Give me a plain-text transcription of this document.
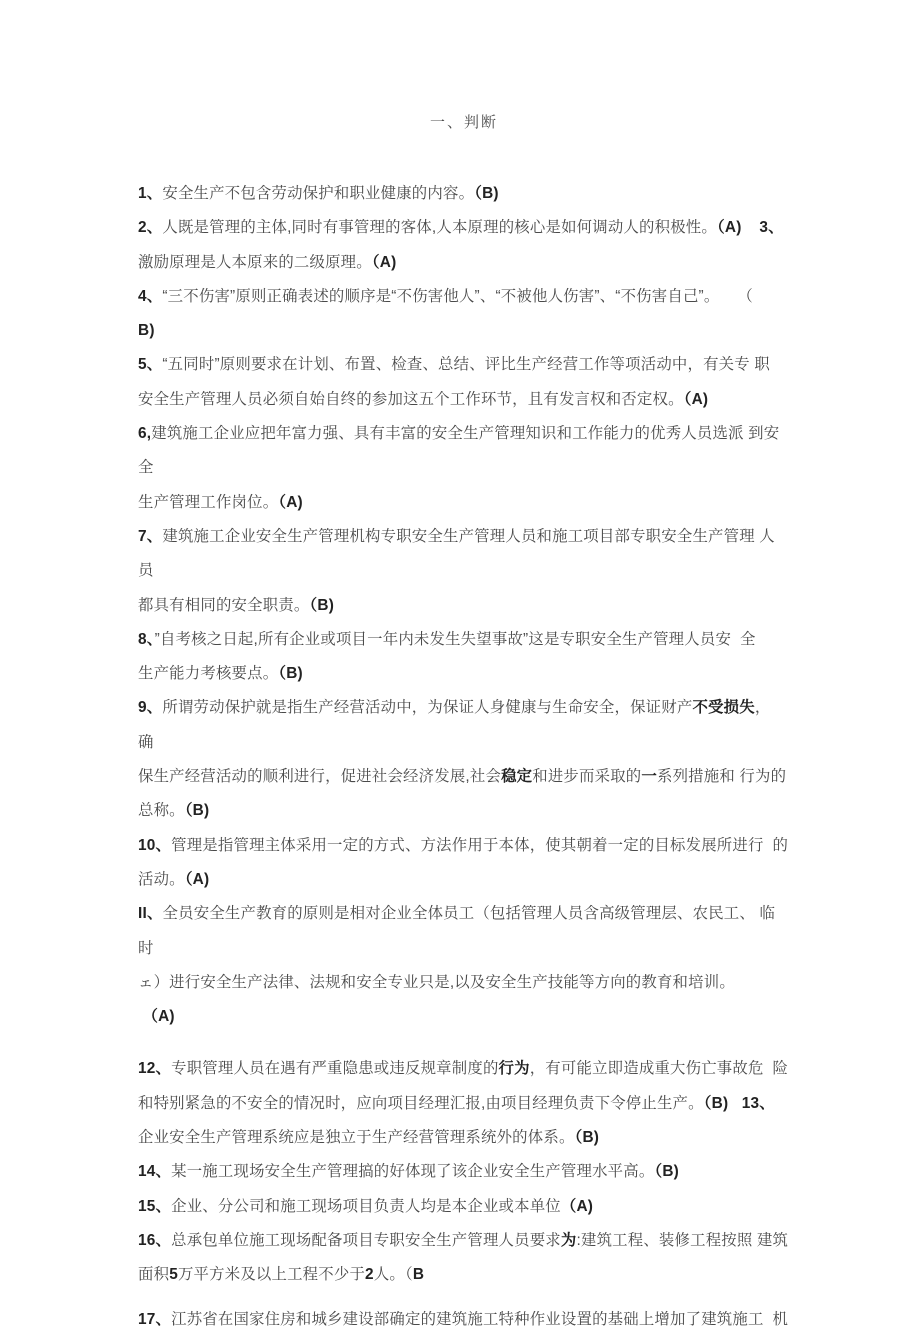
一、判断
1、安全生产不包含劳动保护和职业健康的内容。（B)
2、人既是管理的主体,同时有事管理的客体,人本原理的核心是如何调动人的积极性。（A) 3、
激励原理是人本原来的二级原理。（A)
4、“三不伤害”原则正确表述的顺序是“不伤害他人”、“不被他人伤害”、“不伤害自己”。    （
B)
5、“五同时”原则要求在计划、布置、检查、总结、评比生产经营工作等项活动中，有关专 职
安全生产管理人员必须自始自终的参加这五个工作环节，且有发言权和否定权。（A)
6,建筑施工企业应把年富力强、具有丰富的安全生产管理知识和工作能力的优秀人员选派 到安全
生产管理工作岗位。（A)
7、建筑施工企业安全生产管理机构专职安全生产管理人员和施工项目部专职安全生产管理 人员
都具有相同的安全职责。（B)
8、”自考核之日起,所有企业或项目一年内未发生失望事故”这是专职安全生产管理人员安  全
生产能力考核要点。（B)
9、所谓劳动保护就是指生产经营活动中，为保证人身健康与生命安全，保证财产不受损失， 确
保生产经营活动的顺利进行，促进社会经济发展,社会稳定和进步而采取的一系列措施和 行为的
总称。（B)
10、管理是指管理主体采用一定的方式、方法作用于本体，使其朝着一定的目标发展所进行  的
活动。（A)
II、全员安全生产教育的原则是相对企业全体员工（包括管理人员含高级管理层、农民工、 临时
ェ）进行安全生产法律、法规和安全专业只是,以及安全生产技能等方向的教育和培训。
（A)
12、专职管理人员在遇有严重隐患或违反规章制度的行为，有可能立即造成重大伤亡事故危  险
和特别紧急的不安全的情况时，应向项目经理汇报,由项目经理负责下令停止生产。（B) 13、
企业安全生产管理系统应是独立于生产经营管理系统外的体系。（B)
14、某一施工现场安全生产管理搞的好体现了该企业安全生产管理水平高。（B)
15、企业、分公司和施工现场项目负责人均是本企业或本单位（A)
16、总承包单位施工现场配备项目专职安全生产管理人员要求为:建筑工程、装修工程按照 建筑
面积5万平方米及以上工程不少于2人。（B
17、江苏省在国家住房和城乡建设部确定的建筑施工特种作业设置的基础上增加了建筑施工  机
